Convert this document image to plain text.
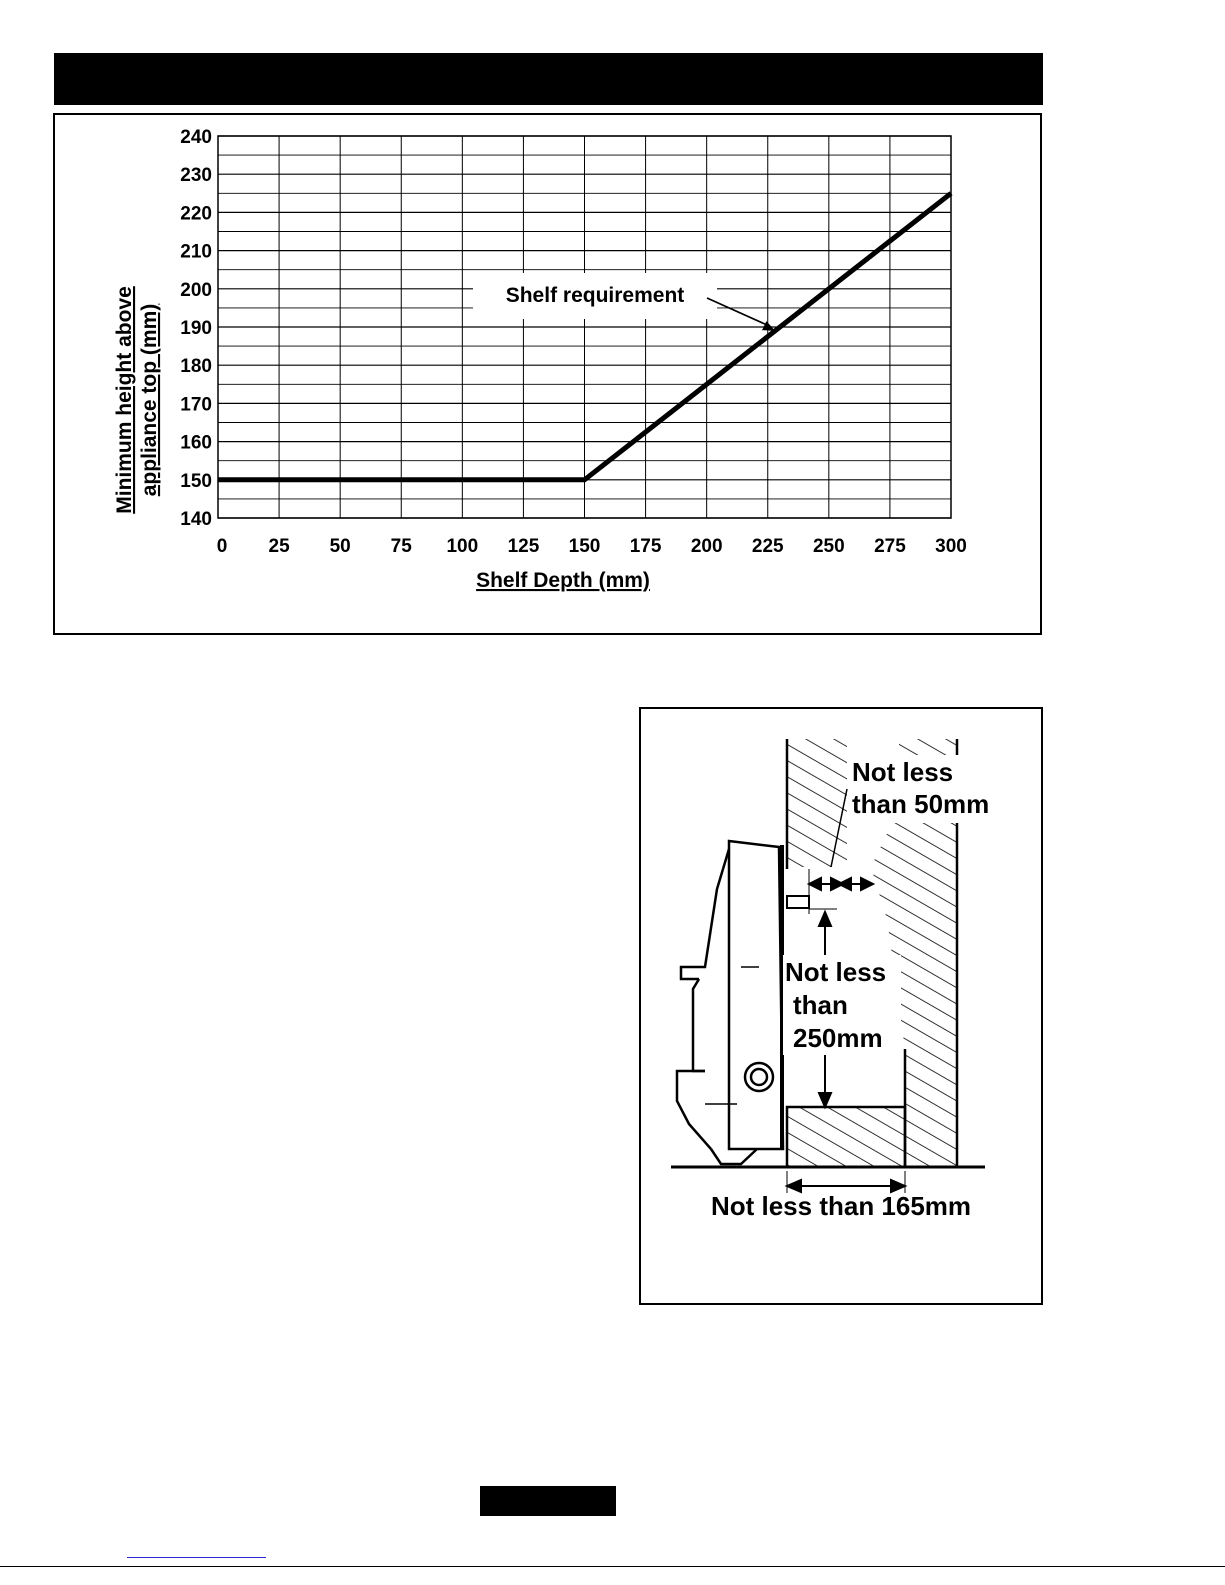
140
150
160
170
180
190
200
210
220
230
240
0 25 50 75 100 125 150 175 200 225 250 275 300
Shelf Depth (mm)
Minimum height above appliance top (mm)
Shelf requirement
Not less
than 50mm
Not less
than
250mm
Not less than 165mm
